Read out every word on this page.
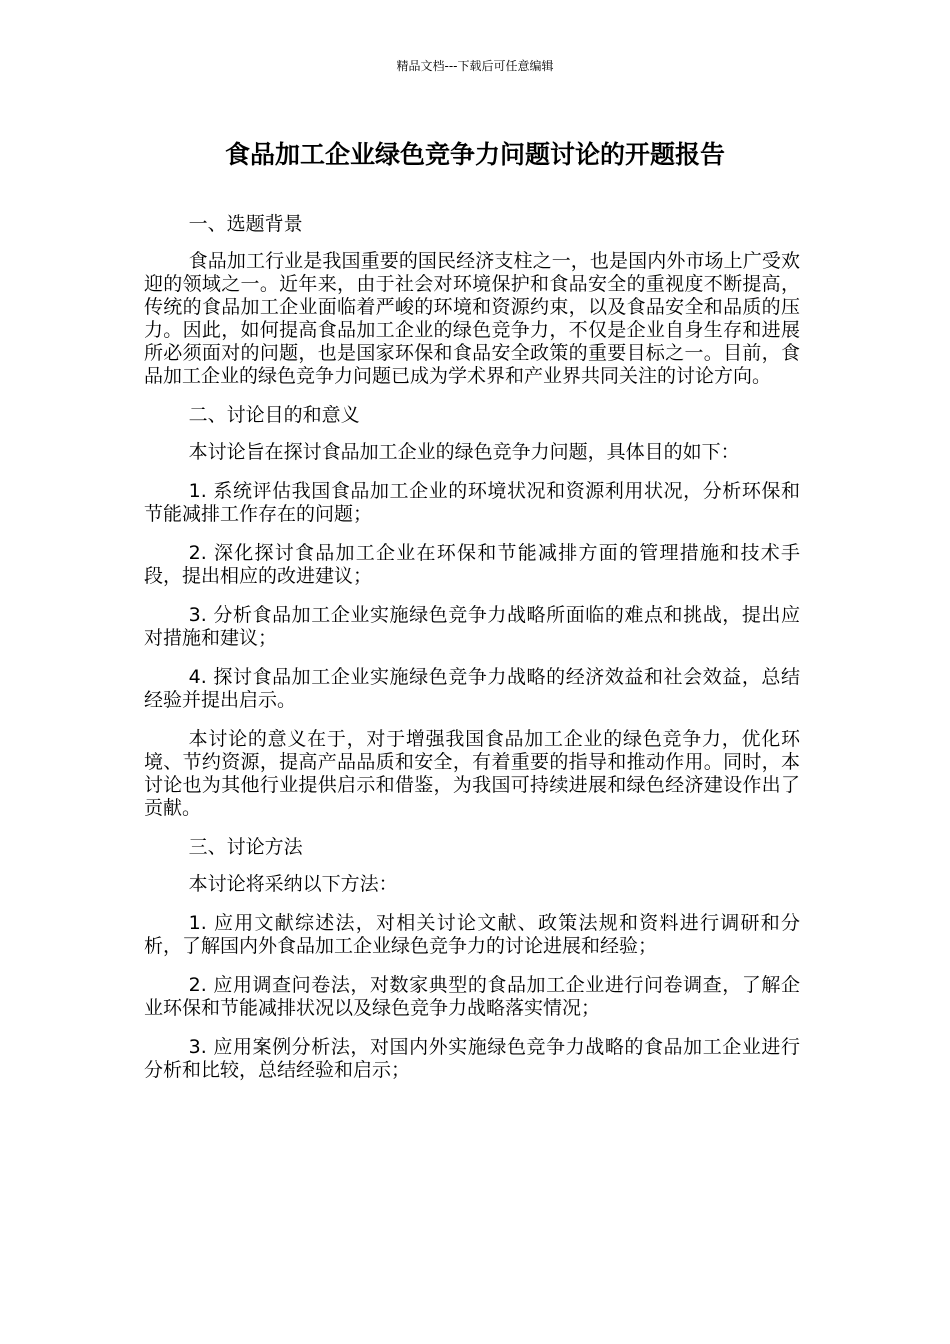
精品文档---下载后可任意编辑
食品加工企业绿色竞争力问题讨论的开题报告

一、选题背景

食品加工行业是我国重要的国民经济支柱之一，也是国内外市场上广受欢迎的领域之一。近年来，由于社会对环境保护和食品安全的重视度不断提高，传统的食品加工企业面临着严峻的环境和资源约束，以及食品安全和品质的压力。因此，如何提高食品加工企业的绿色竞争力，不仅是企业自身生存和进展所必须面对的问题，也是国家环保和食品安全政策的重要目标之一。目前，食品加工企业的绿色竞争力问题已成为学术界和产业界共同关注的讨论方向。

二、讨论目的和意义

本讨论旨在探讨食品加工企业的绿色竞争力问题，具体目的如下：

1. 系统评估我国食品加工企业的环境状况和资源利用状况，分析环保和节能减排工作存在的问题；

2. 深化探讨食品加工企业在环保和节能减排方面的管理措施和技术手段，提出相应的改进建议；

3. 分析食品加工企业实施绿色竞争力战略所面临的难点和挑战，提出应对措施和建议；

4. 探讨食品加工企业实施绿色竞争力战略的经济效益和社会效益，总结经验并提出启示。

本讨论的意义在于，对于增强我国食品加工企业的绿色竞争力，优化环境、节约资源，提高产品品质和安全，有着重要的指导和推动作用。同时，本讨论也为其他行业提供启示和借鉴，为我国可持续进展和绿色经济建设作出了贡献。

三、讨论方法

本讨论将采纳以下方法：

1. 应用文献综述法，对相关讨论文献、政策法规和资料进行调研和分析，了解国内外食品加工企业绿色竞争力的讨论进展和经验；

2. 应用调查问卷法，对数家典型的食品加工企业进行问卷调查，了解企业环保和节能减排状况以及绿色竞争力战略落实情况；

3. 应用案例分析法，对国内外实施绿色竞争力战略的食品加工企业进行分析和比较，总结经验和启示；
